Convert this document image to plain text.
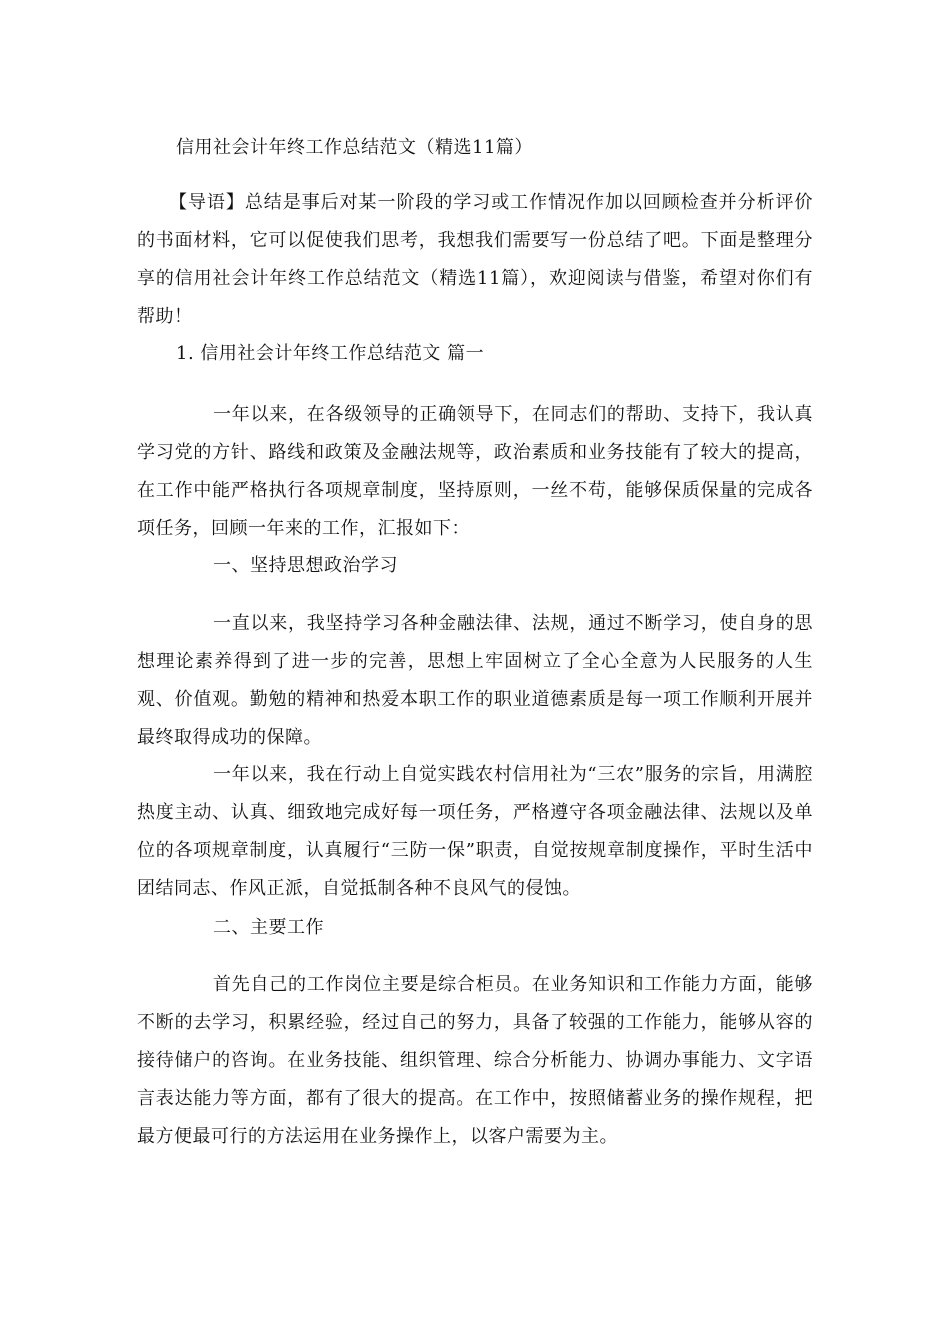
信用社会计年终工作总结范文（精选11篇）
【导语】总结是事后对某一阶段的学习或工作情况作加以回顾检查并分析评价的书面材料，它可以促使我们思考，我想我们需要写一份总结了吧。下面是整理分享的信用社会计年终工作总结范文（精选11篇），欢迎阅读与借鉴，希望对你们有帮助！
1. 信用社会计年终工作总结范文 篇一
一年以来，在各级领导的正确领导下，在同志们的帮助、支持下，我认真学习党的方针、路线和政策及金融法规等，政治素质和业务技能有了较大的提高，在工作中能严格执行各项规章制度，坚持原则，一丝不苟，能够保质保量的完成各项任务，回顾一年来的工作，汇报如下：
一、坚持思想政治学习
一直以来，我坚持学习各种金融法律、法规，通过不断学习，使自身的思想理论素养得到了进一步的完善，思想上牢固树立了全心全意为人民服务的人生观、价值观。勤勉的精神和热爱本职工作的职业道德素质是每一项工作顺利开展并最终取得成功的保障。
一年以来，我在行动上自觉实践农村信用社为“三农”服务的宗旨，用满腔热度主动、认真、细致地完成好每一项任务，严格遵守各项金融法律、法规以及单位的各项规章制度，认真履行“三防一保”职责，自觉按规章制度操作，平时生活中团结同志、作风正派，自觉抵制各种不良风气的侵蚀。
二、主要工作
首先自己的工作岗位主要是综合柜员。在业务知识和工作能力方面，能够不断的去学习，积累经验，经过自己的努力，具备了较强的工作能力，能够从容的接待储户的咨询。在业务技能、组织管理、综合分析能力、协调办事能力、文字语言表达能力等方面，都有了很大的提高。在工作中，按照储蓄业务的操作规程，把最方便最可行的方法运用在业务操作上，以客户需要为主。
